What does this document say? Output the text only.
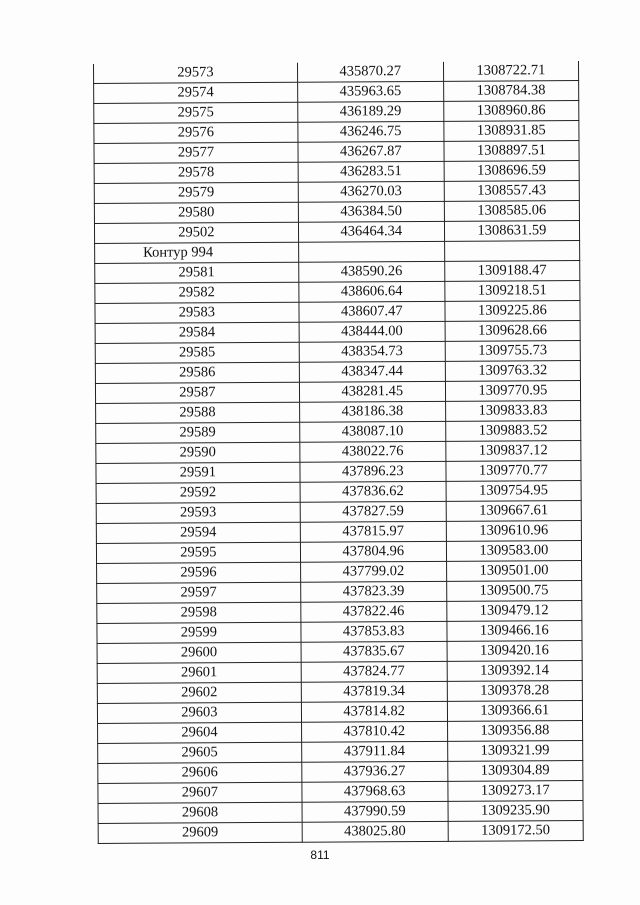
29573	435870.27	1308722.71
29574	435963.65	1308784.38
29575	436189.29	1308960.86
29576	436246.75	1308931.85
29577	436267.87	1308897.51
29578	436283.51	1308696.59
29579	436270.03	1308557.43
29580	436384.50	1308585.06
29502	436464.34	1308631.59
Контур 994		
29581	438590.26	1309188.47
29582	438606.64	1309218.51
29583	438607.47	1309225.86
29584	438444.00	1309628.66
29585	438354.73	1309755.73
29586	438347.44	1309763.32
29587	438281.45	1309770.95
29588	438186.38	1309833.83
29589	438087.10	1309883.52
29590	438022.76	1309837.12
29591	437896.23	1309770.77
29592	437836.62	1309754.95
29593	437827.59	1309667.61
29594	437815.97	1309610.96
29595	437804.96	1309583.00
29596	437799.02	1309501.00
29597	437823.39	1309500.75
29598	437822.46	1309479.12
29599	437853.83	1309466.16
29600	437835.67	1309420.16
29601	437824.77	1309392.14
29602	437819.34	1309378.28
29603	437814.82	1309366.61
29604	437810.42	1309356.88
29605	437911.84	1309321.99
29606	437936.27	1309304.89
29607	437968.63	1309273.17
29608	437990.59	1309235.90
29609	438025.80	1309172.50
811
